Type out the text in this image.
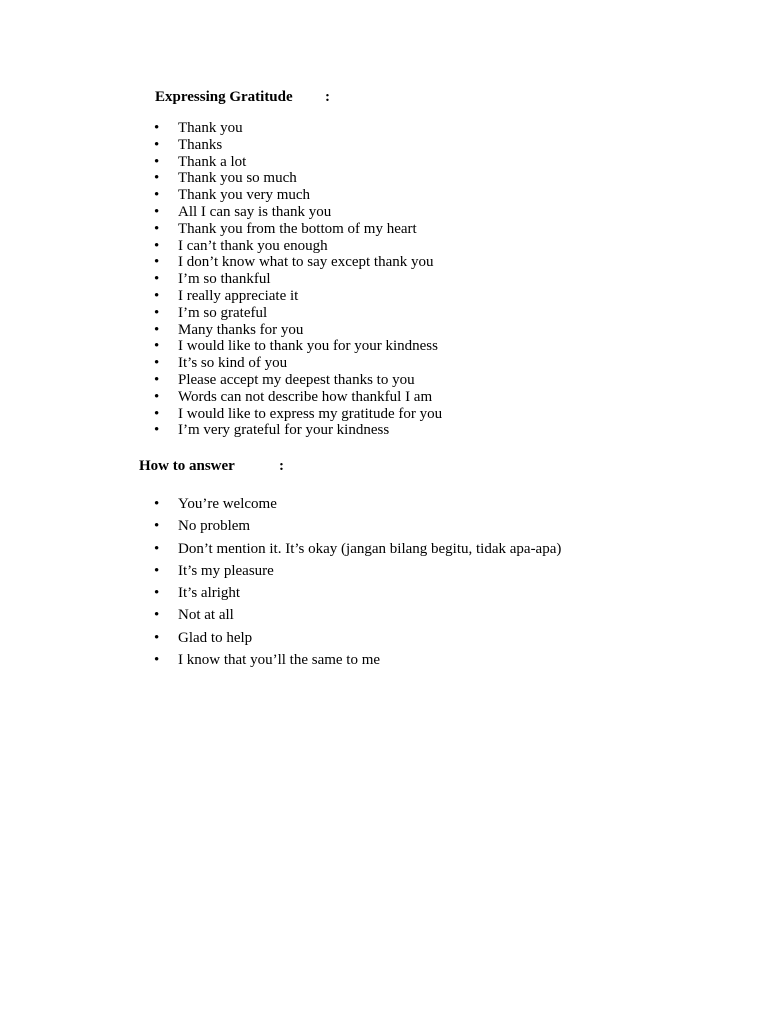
Expressing Gratitude :
•	Thank you
•	Thanks
•	Thank a lot
•	Thank you so much
•	Thank you very much
•	All I can say is thank you
•	Thank you from the bottom of my heart
•	I can’t thank you enough
•	I don’t know what to say except thank you
•	I’m so thankful
•	I really appreciate it
•	I’m so grateful
•	Many thanks for you
•	I would like to thank you for your kindness
•	It’s so kind of you
•	Please accept my deepest thanks to you
•	Words can not describe how thankful I am
•	I would like to express my gratitude for you
•	I’m very grateful for your kindness
How to answer	:
•	You’re welcome
•	No problem
•	Don’t mention it. It’s okay (jangan bilang begitu, tidak apa-apa)
•	It’s my pleasure
•	It’s alright
•	Not at all
•	Glad to help
•	I know that you’ll the same to me
